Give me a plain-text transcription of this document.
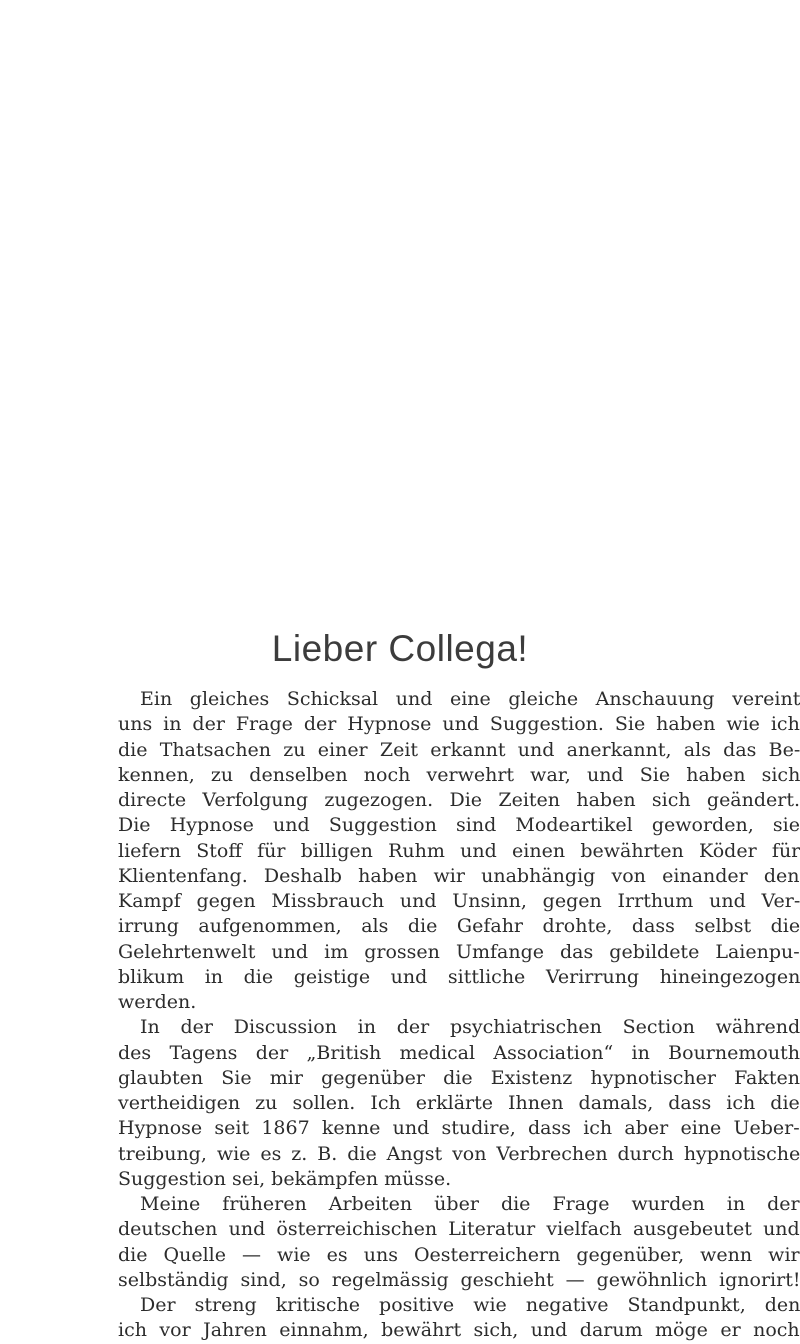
Lieber Collega!
Ein gleiches Schicksal und eine gleiche Anschauung vereint
uns in der Frage der Hypnose und Suggestion. Sie haben wie ich
die Thatsachen zu einer Zeit erkannt und anerkannt, als das Be-
kennen, zu denselben noch verwehrt war, und Sie haben sich
directe Verfolgung zugezogen. Die Zeiten haben sich geändert.
Die Hypnose und Suggestion sind Modeartikel geworden, sie
liefern Stoff für billigen Ruhm und einen bewährten Köder für
Klientenfang. Deshalb haben wir unabhängig von einander den
Kampf gegen Missbrauch und Unsinn, gegen Irrthum und Ver-
irrung aufgenommen, als die Gefahr drohte, dass selbst die
Gelehrtenwelt und im grossen Umfange das gebildete Laienpu-
blikum in die geistige und sittliche Verirrung hineingezogen
werden.
In der Discussion in der psychiatrischen Section während
des Tagens der „British medical Association“ in Bournemouth
glaubten Sie mir gegenüber die Existenz hypnotischer Fakten
vertheidigen zu sollen. Ich erklärte Ihnen damals, dass ich die
Hypnose seit 1867 kenne und studire, dass ich aber eine Ueber-
treibung, wie es z. B. die Angst von Verbrechen durch hypnotische
Suggestion sei, bekämpfen müsse.
Meine früheren Arbeiten über die Frage wurden in der
deutschen und österreichischen Literatur vielfach ausgebeutet und
die Quelle — wie es uns Oesterreichern gegenüber, wenn wir
selbständig sind, so regelmässig geschieht — gewöhnlich ignorirt!
Der streng kritische positive wie negative Standpunkt, den
ich vor Jahren einnahm, bewährt sich, und darum möge er noch
